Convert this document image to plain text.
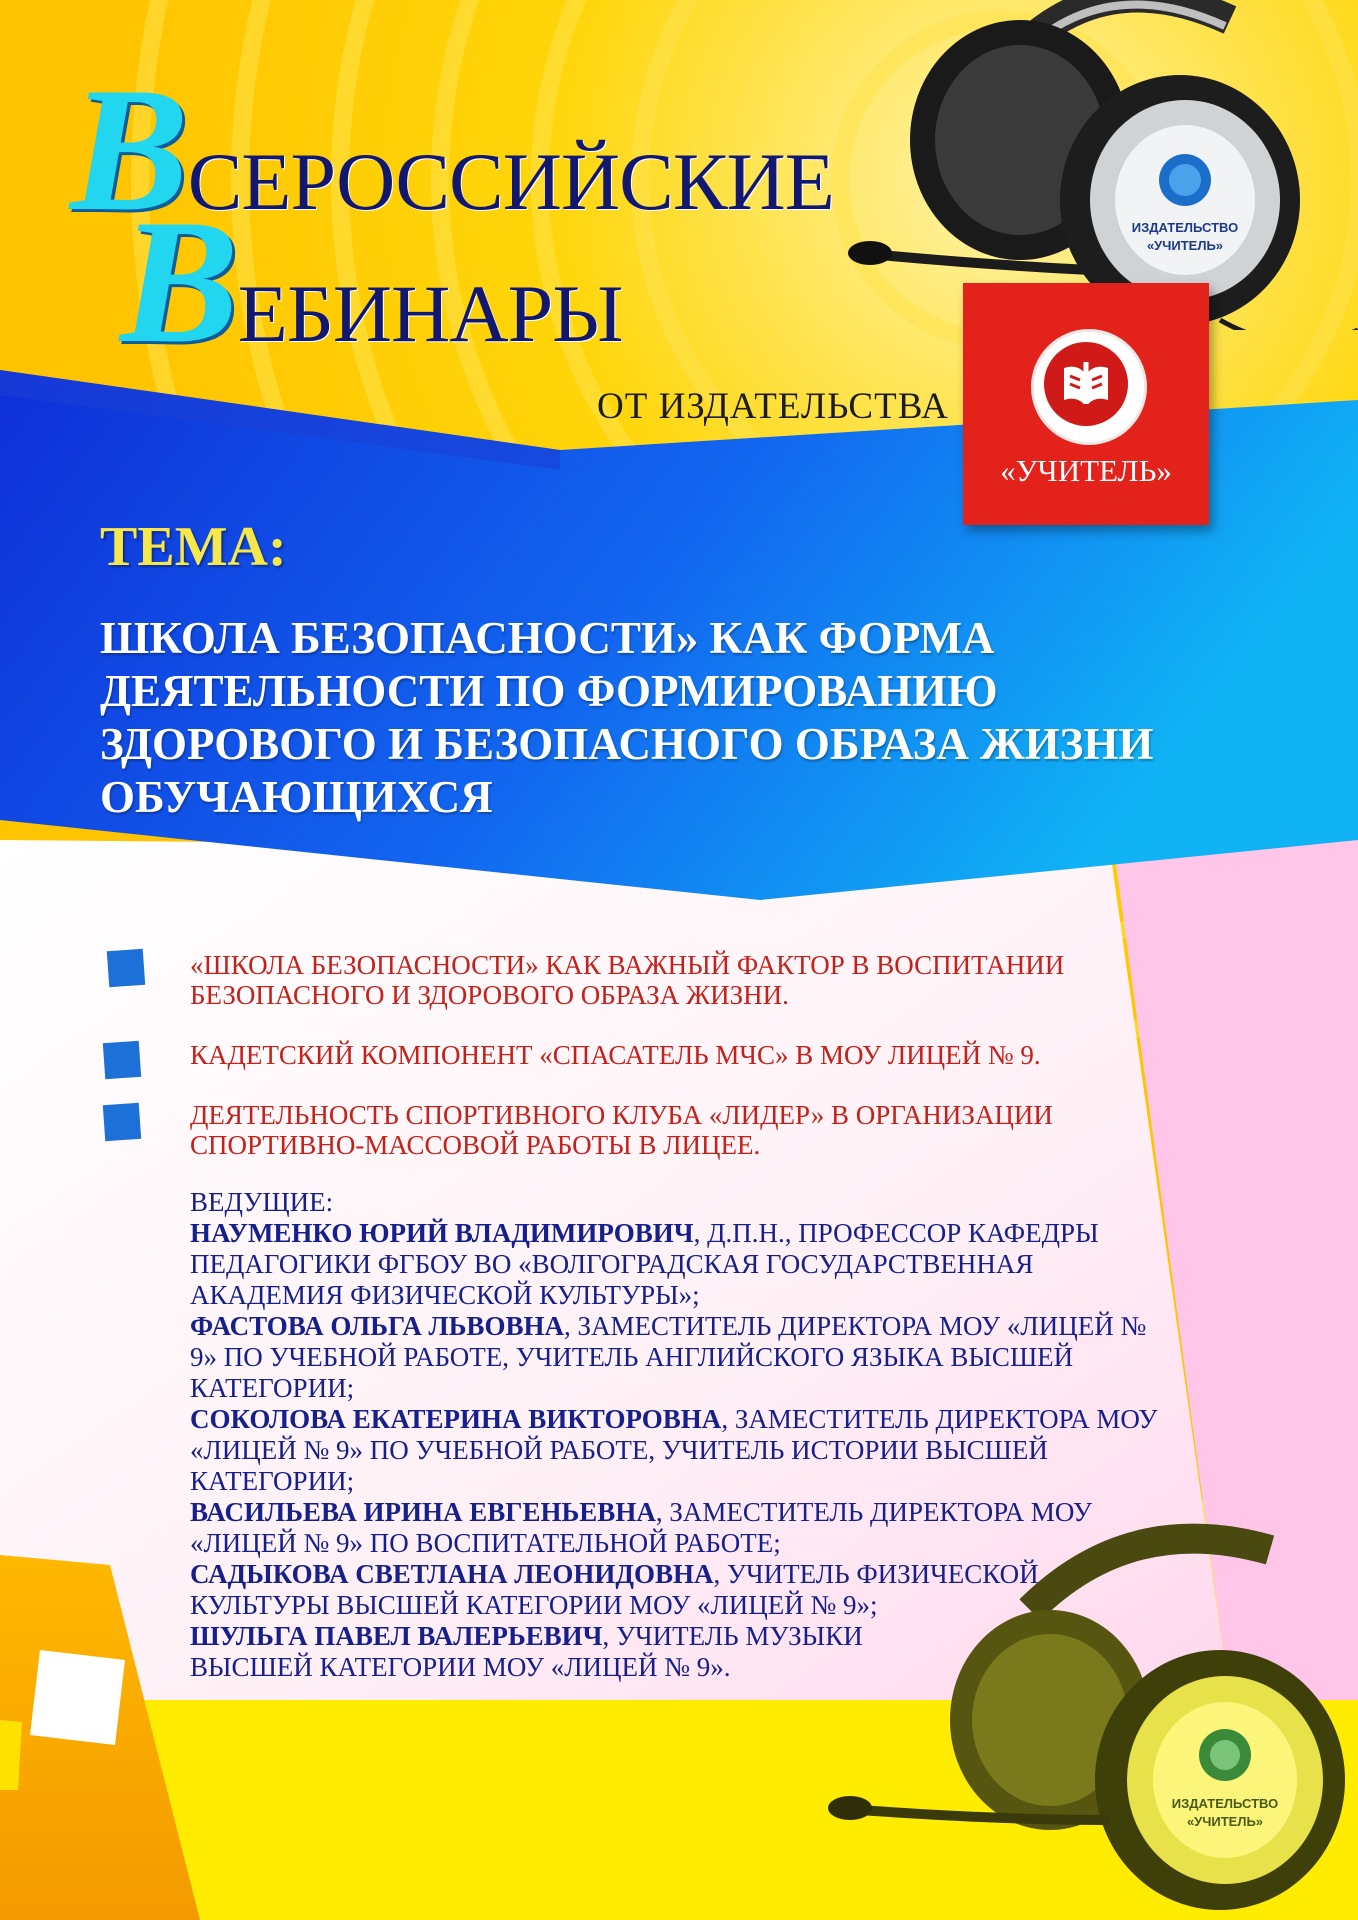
ИЗДАТЕЛЬСТВО
«УЧИТЕЛЬ»
ИЗДАТЕЛЬСТВО
«УЧИТЕЛЬ»
ВСЕРОССИЙСКИЕ
ВЕБИНАРЫ
ОТ ИЗДАТЕЛЬСТВА
«УЧИТЕЛЬ»
ТЕМА:
ШКОЛА БЕЗОПАСНОСТИ» КАК ФОРМА
ДЕЯТЕЛЬНОСТИ ПО ФОРМИРОВАНИЮ
ЗДОРОВОГО И БЕЗОПАСНОГО ОБРАЗА ЖИЗНИ
ОБУЧАЮЩИХСЯ
«ШКОЛА БЕЗОПАСНОСТИ» КАК ВАЖНЫЙ ФАКТОР В ВОСПИТАНИИ
БЕЗОПАСНОГО И ЗДОРОВОГО ОБРАЗА ЖИЗНИ.
КАДЕТСКИЙ КОМПОНЕНТ «СПАСАТЕЛЬ МЧС» В МОУ ЛИЦЕЙ № 9.
ДЕЯТЕЛЬНОСТЬ СПОРТИВНОГО КЛУБА «ЛИДЕР» В ОРГАНИЗАЦИИ
СПОРТИВНО-МАССОВОЙ РАБОТЫ В ЛИЦЕЕ.
ВЕДУЩИЕ:
НАУМЕНКО ЮРИЙ ВЛАДИМИРОВИЧ, Д.П.Н., ПРОФЕССОР КАФЕДРЫ
ПЕДАГОГИКИ ФГБОУ ВО «ВОЛГОГРАДСКАЯ ГОСУДАРСТВЕННАЯ
АКАДЕМИЯ ФИЗИЧЕСКОЙ КУЛЬТУРЫ»;
ФАСТОВА ОЛЬГА ЛЬВОВНА, ЗАМЕСТИТЕЛЬ ДИРЕКТОРА МОУ «ЛИЦЕЙ №
9» ПО УЧЕБНОЙ РАБОТЕ, УЧИТЕЛЬ АНГЛИЙСКОГО ЯЗЫКА ВЫСШЕЙ
КАТЕГОРИИ;
СОКОЛОВА ЕКАТЕРИНА ВИКТОРОВНА, ЗАМЕСТИТЕЛЬ ДИРЕКТОРА МОУ
«ЛИЦЕЙ № 9» ПО УЧЕБНОЙ РАБОТЕ, УЧИТЕЛЬ ИСТОРИИ ВЫСШЕЙ
КАТЕГОРИИ;
ВАСИЛЬЕВА ИРИНА ЕВГЕНЬЕВНА, ЗАМЕСТИТЕЛЬ ДИРЕКТОРА МОУ
«ЛИЦЕЙ № 9» ПО ВОСПИТАТЕЛЬНОЙ РАБОТЕ;
САДЫКОВА СВЕТЛАНА ЛЕОНИДОВНА, УЧИТЕЛЬ ФИЗИЧЕСКОЙ
КУЛЬТУРЫ ВЫСШЕЙ КАТЕГОРИИ МОУ «ЛИЦЕЙ № 9»;
ШУЛЬГА ПАВЕЛ ВАЛЕРЬЕВИЧ, УЧИТЕЛЬ МУЗЫКИ
ВЫСШЕЙ КАТЕГОРИИ МОУ «ЛИЦЕЙ № 9».
